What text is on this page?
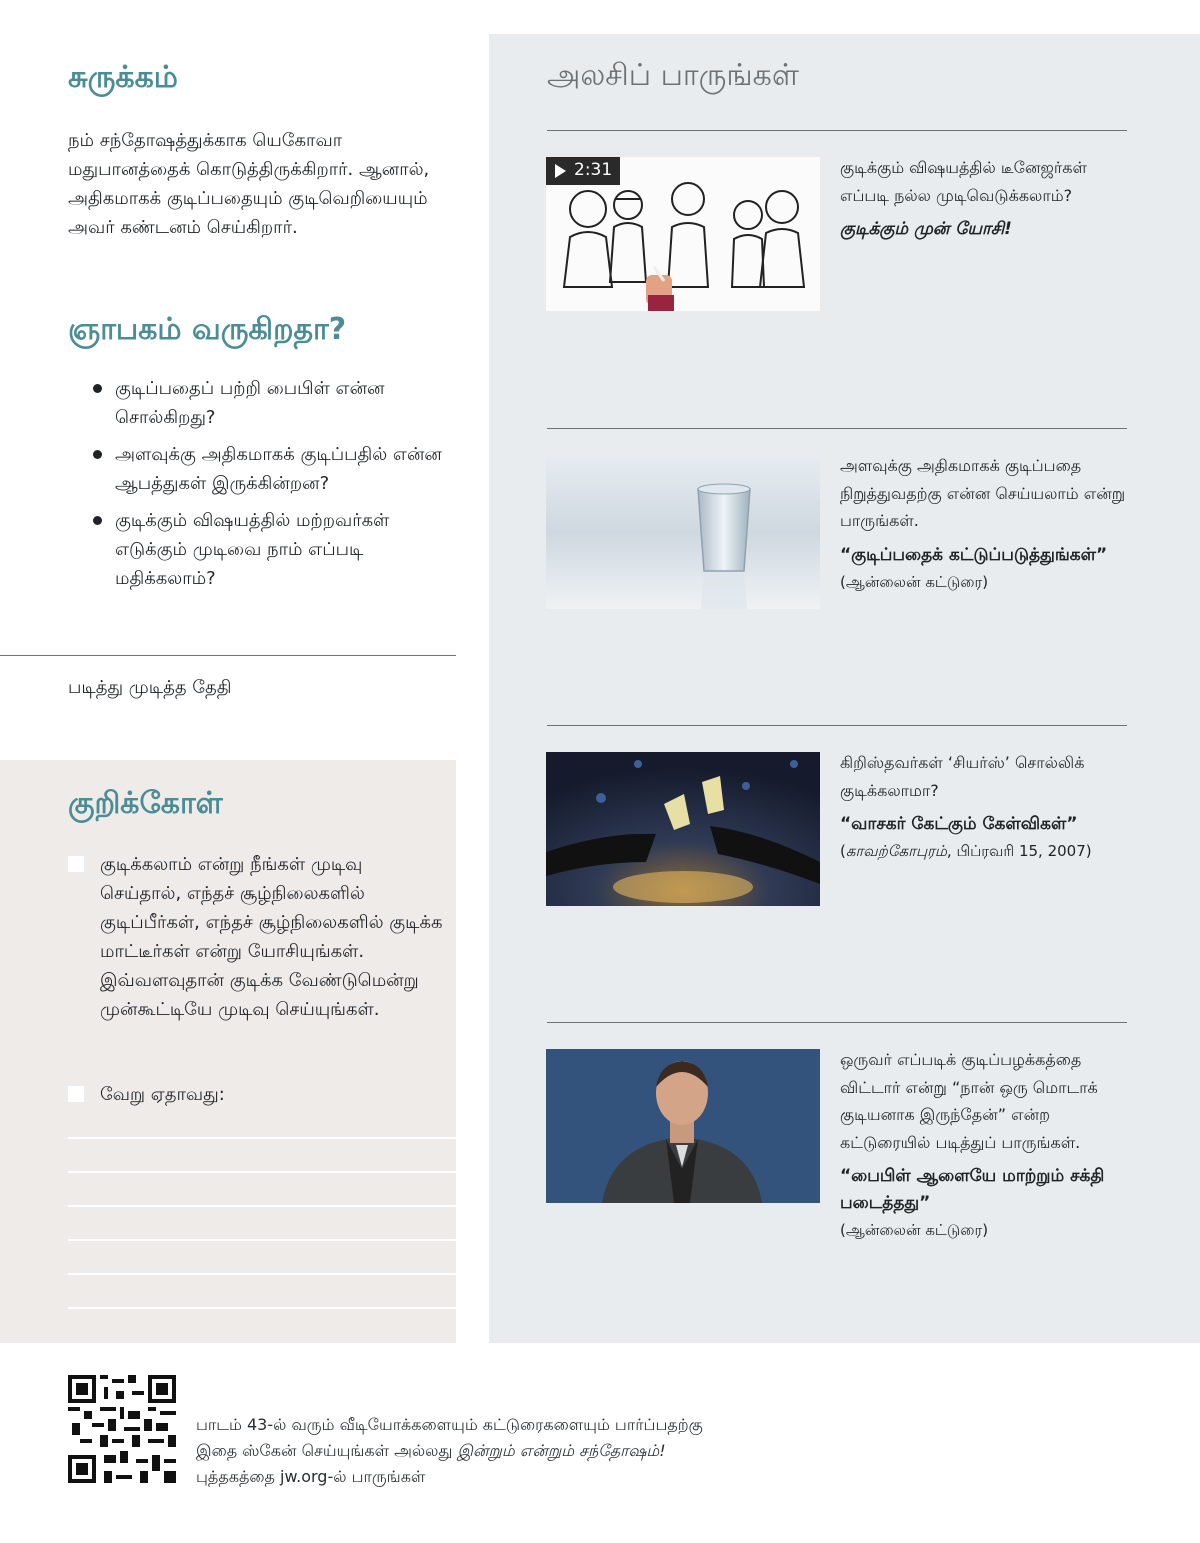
சுருக்கம்

நம் சந்தோஷத்துக்காக யெகோவா மதுபானத்தைக் கொடுத்திருக்கிறார். ஆனால், அதிகமாகக் குடிப்பதையும் குடிவெறியையும் அவர் கண்டனம் செய்கிறார்.

ஞாபகம் வருகிறதா?
குடிப்பதைப் பற்றி பைபிள் என்ன சொல்கிறது?
அளவுக்கு அதிகமாகக் குடிப்பதில் என்ன ஆபத்துகள் இருக்கின்றன?
குடிக்கும் விஷயத்தில் மற்றவர்கள் எடுக்கும் முடிவை நாம் எப்படி மதிக்கலாம்?
படித்து முடித்த தேதி
குறிக்கோள்
குடிக்கலாம் என்று நீங்கள் முடிவு செய்தால், எந்தச் சூழ்நிலைகளில் குடிப்பீர்கள், எந்தச் சூழ்நிலைகளில் குடிக்க மாட்டீர்கள் என்று யோசியுங்கள். இவ்வளவுதான் குடிக்க வேண்டுமென்று முன்கூட்டியே முடிவு செய்யுங்கள்.
வேறு ஏதாவது:
அலசிப் பாருங்கள்
2:31	குடிக்கும் விஷயத்தில் டீனேஜர்கள் எப்படி நல்ல முடிவெடுக்கலாம்?

குடிக்கும் முன் யோசி!

அளவுக்கு அதிகமாகக் குடிப்பதை நிறுத்துவதற்கு என்ன செய்யலாம் என்று பாருங்கள்.

“குடிப்பதைக் கட்டுப்படுத்துங்கள்”

(ஆன்லைன் கட்டுரை)

கிறிஸ்தவர்கள் ‘சியர்ஸ்’ சொல்லிக் குடிக்கலாமா?

“வாசகர் கேட்கும் கேள்விகள்”

(காவற்கோபுரம், பிப்ரவரி 15, 2007)

ஒருவர் எப்படிக் குடிப்பழக்கத்தை விட்டார் என்று “நான் ஒரு மொடாக் குடியனாக இருந்தேன்” என்ற கட்டுரையில் படித்துப் பாருங்கள்.

“பைபிள் ஆளையே மாற்றும் சக்தி படைத்தது”

(ஆன்லைன் கட்டுரை)

பாடம் 43-ல் வரும் வீடியோக்களையும் கட்டுரைகளையும் பார்ப்பதற்கு இதை ஸ்கேன் செய்யுங்கள் அல்லது இன்றும் என்றும் சந்தோஷம்! புத்தகத்தை jw.org-ல் பாருங்கள்
